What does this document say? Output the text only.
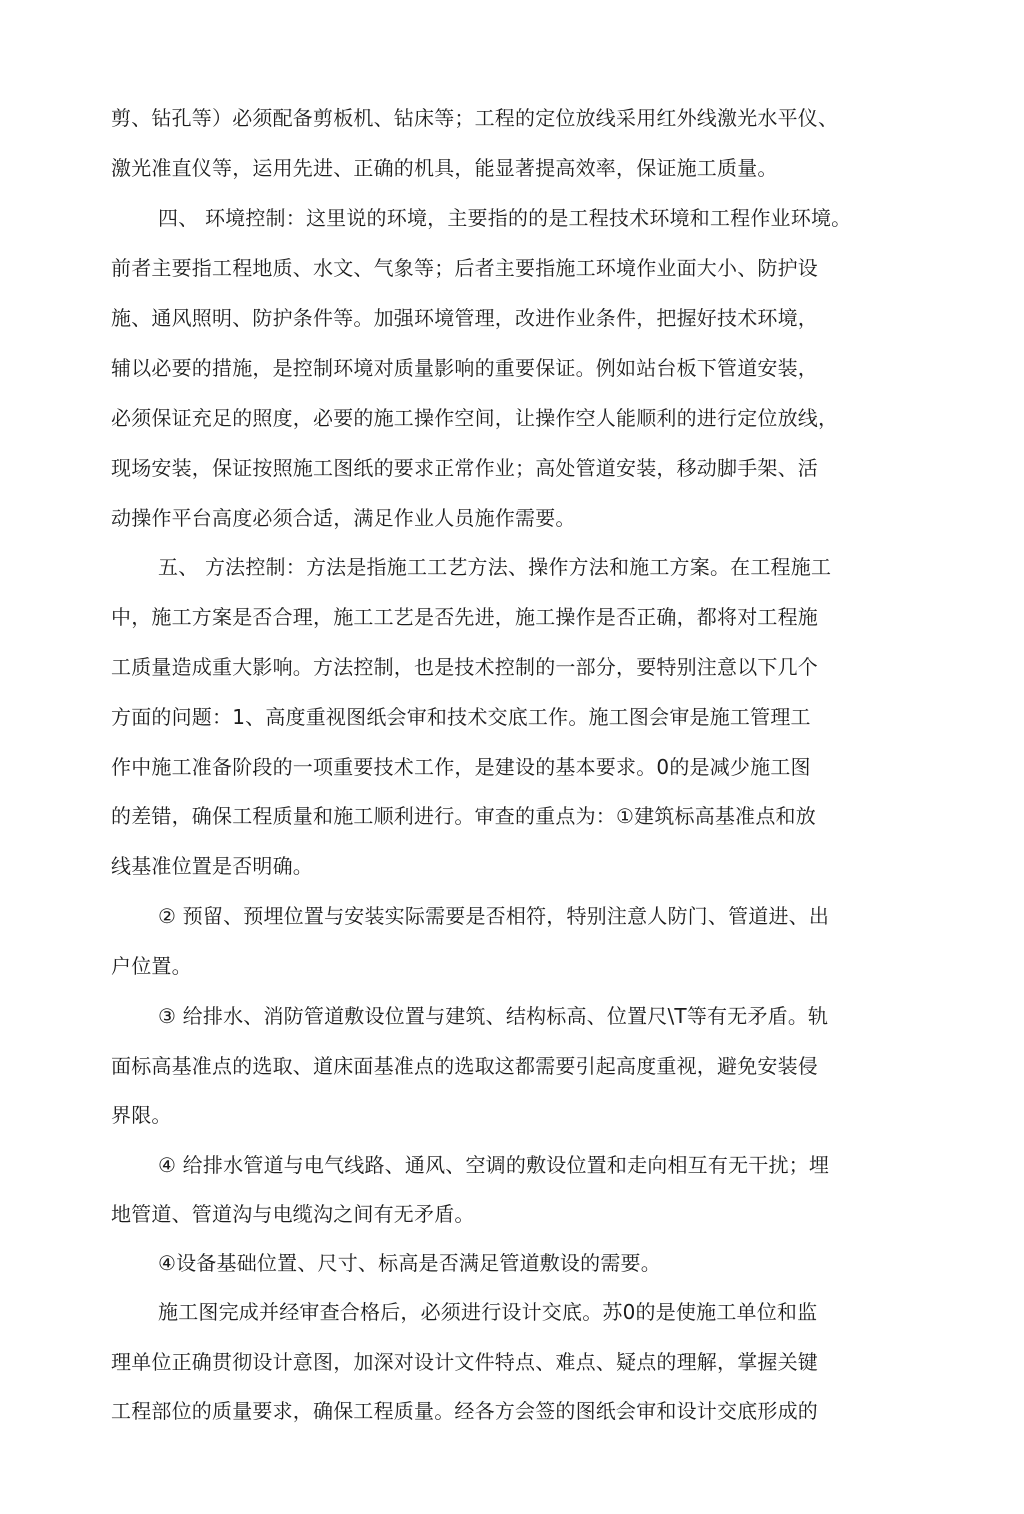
剪、钻孔等）必须配备剪板机、钻床等；工程的定位放线采用红外线激光水平仪、
激光准直仪等，运用先进、正确的机具，能显著提高效率，保证施工质量。
四、 环境控制：这里说的环境，主要指的的是工程技术环境和工程作业环境。
前者主要指工程地质、水文、气象等；后者主要指施工环境作业面大小、防护设
施、通风照明、防护条件等。加强环境管理，改进作业条件，把握好技术环境，
辅以必要的措施，是控制环境对质量影响的重要保证。例如站台板下管道安装，
必须保证充足的照度，必要的施工操作空间，让操作空人能顺利的进行定位放线，
现场安装，保证按照施工图纸的要求正常作业；高处管道安装，移动脚手架、活
动操作平台高度必须合适，满足作业人员施作需要。
五、 方法控制：方法是指施工工艺方法、操作方法和施工方案。在工程施工
中，施工方案是否合理，施工工艺是否先进，施工操作是否正确，都将对工程施
工质量造成重大影响。方法控制，也是技术控制的一部分，要特别注意以下几个
方面的问题：1、高度重视图纸会审和技术交底工作。施工图会审是施工管理工
作中施工准备阶段的一项重要技术工作，是建设的基本要求。0的是减少施工图
的差错，确保工程质量和施工顺利进行。审查的重点为：①建筑标高基准点和放
线基准位置是否明确。
② 预留、预埋位置与安装实际需要是否相符，特别注意人防门、管道进、出
户位置。
③ 给排水、消防管道敷设位置与建筑、结构标高、位置尺\T等有无矛盾。轨
面标高基准点的选取、道床面基准点的选取这都需要引起高度重视，避免安装侵
界限。
④ 给排水管道与电气线路、通风、空调的敷设位置和走向相互有无干扰；埋
地管道、管道沟与电缆沟之间有无矛盾。
④设备基础位置、尺寸、标高是否满足管道敷设的需要。
施工图完成并经审查合格后，必须进行设计交底。苏0的是使施工单位和监
理单位正确贯彻设计意图，加深对设计文件特点、难点、疑点的理解，掌握关键
工程部位的质量要求，确保工程质量。经各方会签的图纸会审和设计交底形成的
